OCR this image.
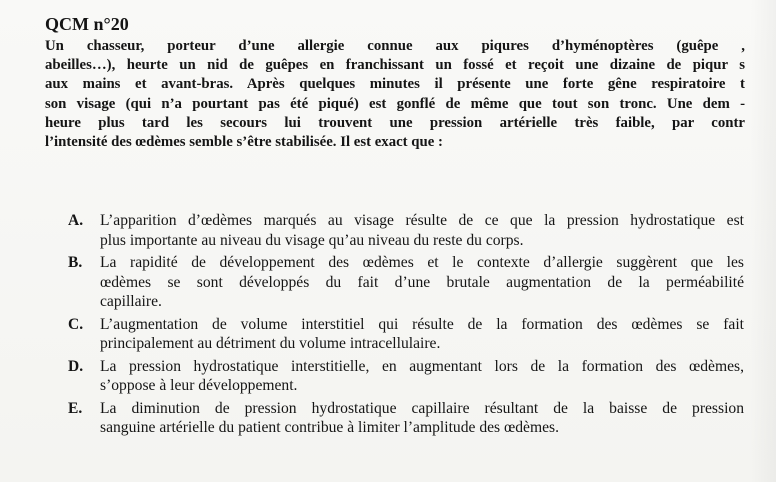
QCM n°20
Un chasseur, porteur d’une allergie connue aux piqures d’hyménoptères (guêpe ,
abeilles…), heurte un nid de guêpes en franchissant un fossé et reçoit une dizaine de piqur s
aux mains et avant-bras. Après quelques minutes il présente une forte gêne respiratoire t
son visage (qui n’a pourtant pas été piqué) est gonflé de même que tout son tronc. Une dem -
heure plus tard les secours lui trouvent une pression artérielle très faible, par contr
l’intensité des œdèmes semble s’être stabilisée. Il est exact que :
A.	L’apparition d’œdèmes marqués au visage résulte de ce que la pression hydrostatique est
plus importante au niveau du visage qu’au niveau du reste du corps.
B.	La rapidité de développement des œdèmes et le contexte d’allergie suggèrent que les
œdèmes se sont développés du fait d’une brutale augmentation de la perméabilité
capillaire.
C.	L’augmentation de volume interstitiel qui résulte de la formation des œdèmes se fait
principalement au détriment du volume intracellulaire.
D.	La pression hydrostatique interstitielle, en augmentant lors de la formation des œdèmes,
s’oppose à leur développement.
E.	La diminution de pression hydrostatique capillaire résultant de la baisse de pression
sanguine artérielle du patient contribue à limiter l’amplitude des œdèmes.
